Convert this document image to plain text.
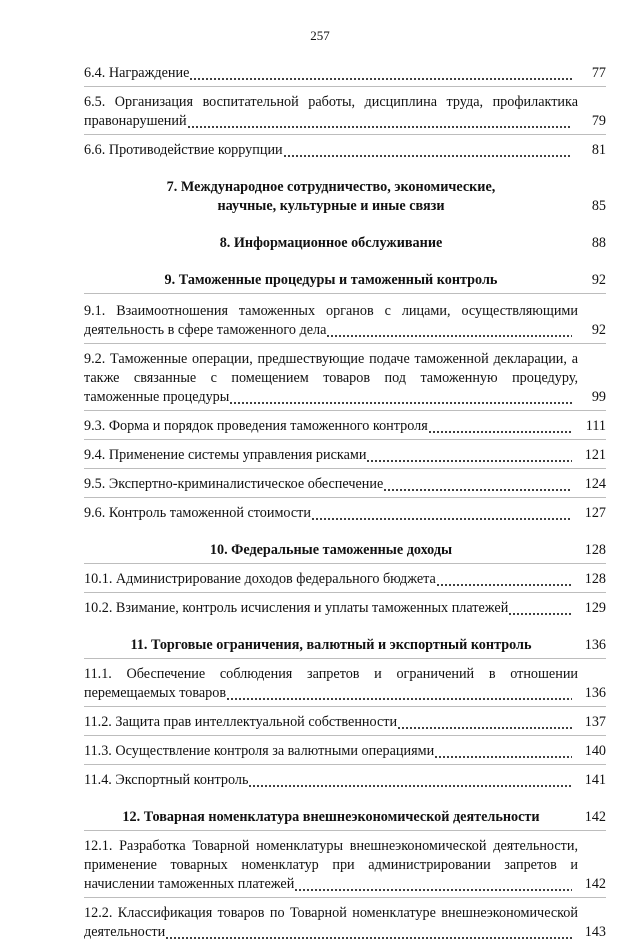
257
6.4. Награждение	77
6.5. Организация воспитательной работы, дисциплина труда, профилактика правонарушений	79
6.6. Противодействие коррупции	81
7. Международное сотрудничество, экономические,
научные, культурные и иные связи	85
8. Информационное обслуживание	88
9. Таможенные процедуры и таможенный контроль	92
9.1. Взаимоотношения таможенных органов с лицами, осуществляющими деятельность в сфере таможенного дела	92
9.2. Таможенные операции, предшествующие подаче таможенной декларации, а также связанные с помещением товаров под таможенную процедуру, таможенные процедуры	99
9.3. Форма и порядок проведения таможенного контроля	111
9.4. Применение системы управления рисками	121
9.5. Экспертно-криминалистическое обеспечение	124
9.6. Контроль таможенной стоимости	127
10. Федеральные таможенные доходы	128
10.1. Администрирование доходов федерального бюджета	128
10.2. Взимание, контроль исчисления и уплаты таможенных платежей	129
11. Торговые ограничения, валютный и экспортный контроль	136
11.1. Обеспечение соблюдения запретов и ограничений в отношении перемещаемых товаров	136
11.2. Защита прав интеллектуальной собственности	137
11.3. Осуществление контроля за валютными операциями	140
11.4. Экспортный контроль	141
12. Товарная номенклатура внешнеэкономической деятельности	142
12.1. Разработка Товарной номенклатуры внешнеэкономической деятельности, применение товарных номенклатур при администрировании запретов и начислении таможенных платежей	142
12.2. Классификация товаров по Товарной номенклатуре внешнеэкономической деятельности	143
